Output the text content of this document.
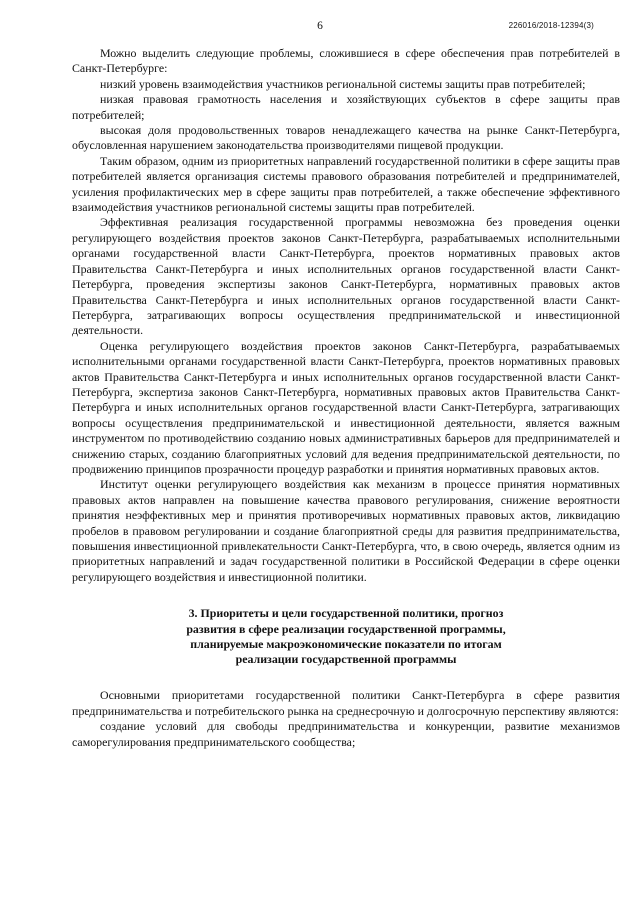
6	226016/2018-12394(3)

Можно выделить следующие проблемы, сложившиеся в сфере обеспечения прав потребителей в Санкт-Петербурге:

низкий уровень взаимодействия участников региональной системы защиты прав потребителей;

низкая правовая грамотность населения и хозяйствующих субъектов в сфере защиты прав потребителей;

высокая доля продовольственных товаров ненадлежащего качества на рынке Санкт-Петербурга, обусловленная нарушением законодательства производителями пищевой продукции.

Таким образом, одним из приоритетных направлений государственной политики в сфере защиты прав потребителей является организация системы правового образования потребителей и предпринимателей, усиления профилактических мер в сфере защиты прав потребителей, а также обеспечение эффективного взаимодействия участников региональной системы защиты прав потребителей.

Эффективная реализация государственной программы невозможна без проведения оценки регулирующего воздействия проектов законов Санкт-Петербурга, разрабатываемых исполнительными органами государственной власти Санкт-Петербурга, проектов нормативных правовых актов Правительства Санкт-Петербурга и иных исполнительных органов государственной власти Санкт-Петербурга, проведения экспертизы законов Санкт-Петербурга, нормативных правовых актов Правительства Санкт-Петербурга и иных исполнительных органов государственной власти Санкт-Петербурга, затрагивающих вопросы осуществления предпринимательской и инвестиционной деятельности.

Оценка регулирующего воздействия проектов законов Санкт-Петербурга, разрабатываемых исполнительными органами государственной власти Санкт-Петербурга, проектов нормативных правовых актов Правительства Санкт-Петербурга и иных исполнительных органов государственной власти Санкт-Петербурга, экспертиза законов Санкт-Петербурга, нормативных правовых актов Правительства Санкт-Петербурга и иных исполнительных органов государственной власти Санкт-Петербурга, затрагивающих вопросы осуществления предпринимательской и инвестиционной деятельности, является важным инструментом по противодействию созданию новых административных барьеров для предпринимателей и снижению старых, созданию благоприятных условий для ведения предпринимательской деятельности, по продвижению принципов прозрачности процедур разработки и принятия нормативных правовых актов.

Институт оценки регулирующего воздействия как механизм в процессе принятия нормативных правовых актов направлен на повышение качества правового регулирования, снижение вероятности принятия неэффективных мер и принятия противоречивых нормативных правовых актов, ликвидацию пробелов в правовом регулировании и создание благоприятной среды для развития предпринимательства, повышения инвестиционной привлекательности Санкт-Петербурга, что, в свою очередь, является одним из приоритетных направлений и задач государственной политики в Российской Федерации в сфере оценки регулирующего воздействия и инвестиционной политики.

3. Приоритеты и цели государственной политики, прогноз
развития в сфере реализации государственной программы,
планируемые макроэкономические показатели по итогам
реализации государственной программы

Основными приоритетами государственной политики Санкт-Петербурга в сфере развития предпринимательства и потребительского рынка на среднесрочную и долгосрочную перспективу являются:

создание условий для свободы предпринимательства и конкуренции, развитие механизмов саморегулирования предпринимательского сообщества;
